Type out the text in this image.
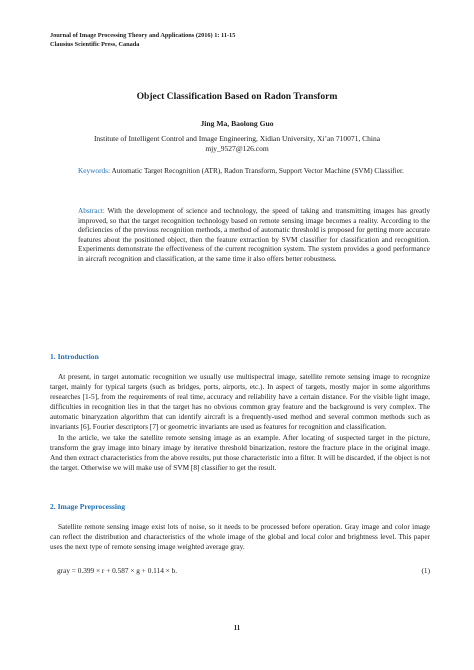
Journal of Image Processing Theory and Applications (2016) 1: 11-15
Clausius Scientific Press, Canada
Object Classification Based on Radon Transform
Jing Ma, Baolong Guo
Institute of Intelligent Control and Image Engineering, Xidian University, Xi’an 710071, China
mjy_9527@126.com
Keywords: Automatic Target Recognition (ATR), Radon Transform, Support Vector Machine (SVM) Classifier.
Abstract: With the development of science and technology, the speed of taking and transmitting images has greatly improved, so that the target recognition technology based on remote sensing image becomes a reality. According to the deficiencies of the previous recognition methods, a method of automatic threshold is proposed for getting more accurate features about the positioned object, then the feature extraction by SVM classifier for classification and recognition. Experiments demonstrate the effectiveness of the current recognition system. The system provides a good performance in aircraft recognition and classification, at the same time it also offers better robustness.
1. Introduction

At present, in target automatic recognition we usually use multispectral image, satellite remote sensing image to recognize target, mainly for typical targets (such as bridges, ports, airports, etc.). In aspect of targets, mostly major in some algorithms researches [1-5], from the requirements of real time, accuracy and reliability have a certain distance. For the visible light image, difficulties in recognition lies in that the target has no obvious common gray feature and the background is very complex. The automatic binaryzation algorithm that can identify aircraft is a frequently-used method and several common methods such as invariants [6], Fourier descriptors [7] or geometric invariants are used as features for recognition and classification.

In the article, we take the satellite remote sensing image as an example. After locating of suspected target in the picture, transform the gray image into binary image by iterative threshold binarization, restore the fracture place in the original image. And then extract characteristics from the above results, put those characteristic into a filter. It will be discarded, if the object is not the target. Otherwise we will make use of SVM [8] classifier to get the result.

2. Image Preprocessing

Satellite remote sensing image exist lots of noise, so it needs to be processed before operation. Gray image and color image can reflect the distribution and characteristics of the whole image of the global and local color and brightness level. This paper uses the next type of remote sensing image weighted average gray.

gray = 0.399 × r + 0.587 × g + 0.114 × b.	(1)
11
